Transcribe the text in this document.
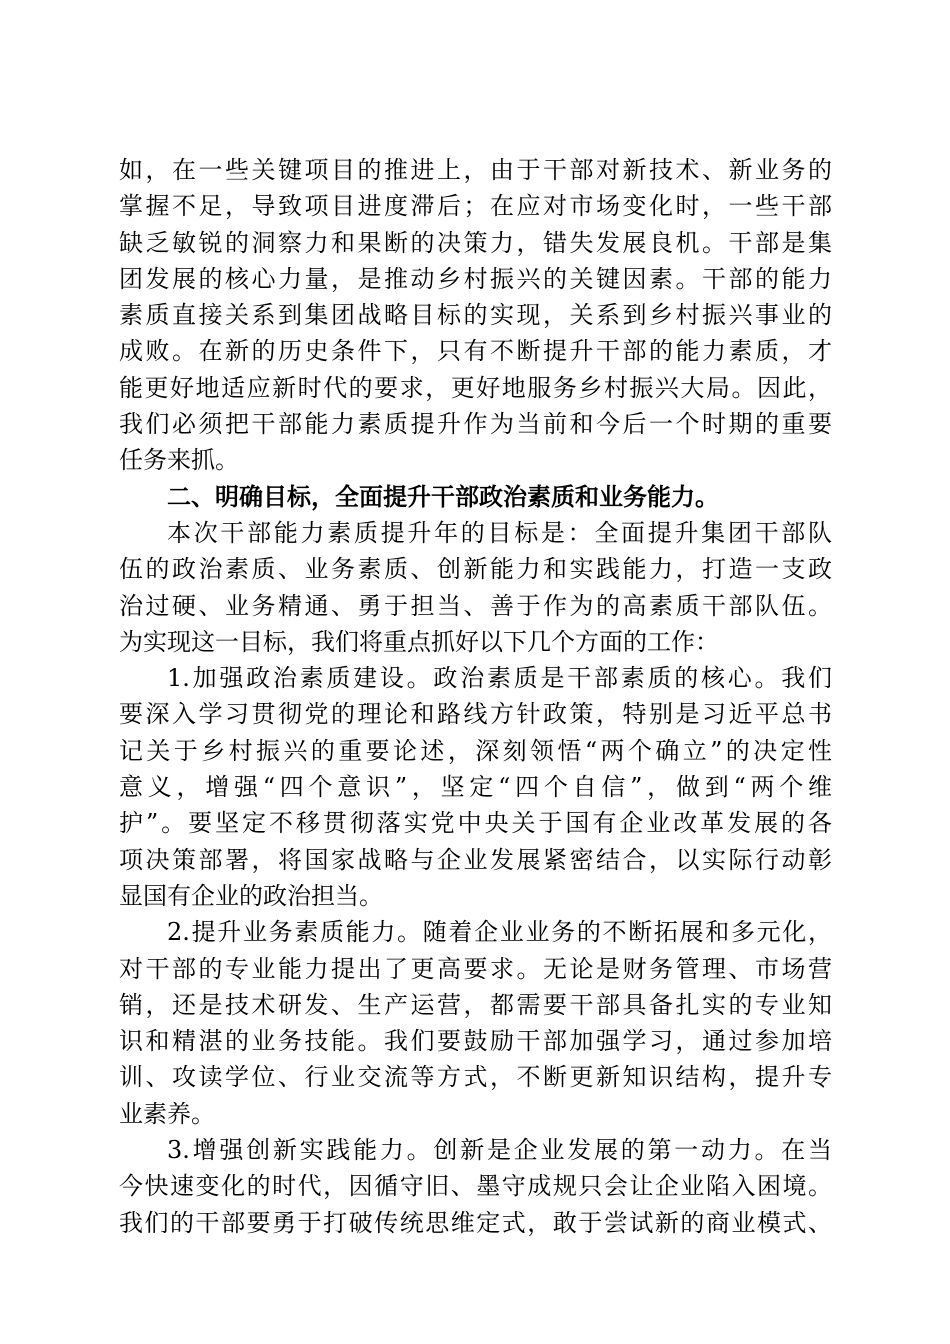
如，在一些关键项目的推进上，由于干部对新技术、新业务的
掌握不足，导致项目进度滞后；在应对市场变化时，一些干部
缺乏敏锐的洞察力和果断的决策力，错失发展良机。干部是集
团发展的核心力量，是推动乡村振兴的关键因素。干部的能力
素质直接关系到集团战略目标的实现，关系到乡村振兴事业的
成败。在新的历史条件下，只有不断提升干部的能力素质，才
能更好地适应新时代的要求，更好地服务乡村振兴大局。因此，
我们必须把干部能力素质提升作为当前和今后一个时期的重要
任务来抓。
二、明确目标，全面提升干部政治素质和业务能力。
本次干部能力素质提升年的目标是：全面提升集团干部队
伍的政治素质、业务素质、创新能力和实践能力，打造一支政
治过硬、业务精通、勇于担当、善于作为的高素质干部队伍。
为实现这一目标，我们将重点抓好以下几个方面的工作：
1.加强政治素质建设。政治素质是干部素质的核心。我们
要深入学习贯彻党的理论和路线方针政策，特别是习近平总书
记关于乡村振兴的重要论述，深刻领悟“两个确立”的决定性
意义，增强“四个意识”，坚定“四个自信”，做到“两个维
护”。要坚定不移贯彻落实党中央关于国有企业改革发展的各
项决策部署，将国家战略与企业发展紧密结合，以实际行动彰
显国有企业的政治担当。
2.提升业务素质能力。随着企业业务的不断拓展和多元化，
对干部的专业能力提出了更高要求。无论是财务管理、市场营
销，还是技术研发、生产运营，都需要干部具备扎实的专业知
识和精湛的业务技能。我们要鼓励干部加强学习，通过参加培
训、攻读学位、行业交流等方式，不断更新知识结构，提升专
业素养。
3.增强创新实践能力。创新是企业发展的第一动力。在当
今快速变化的时代，因循守旧、墨守成规只会让企业陷入困境。
我们的干部要勇于打破传统思维定式，敢于尝试新的商业模式、
